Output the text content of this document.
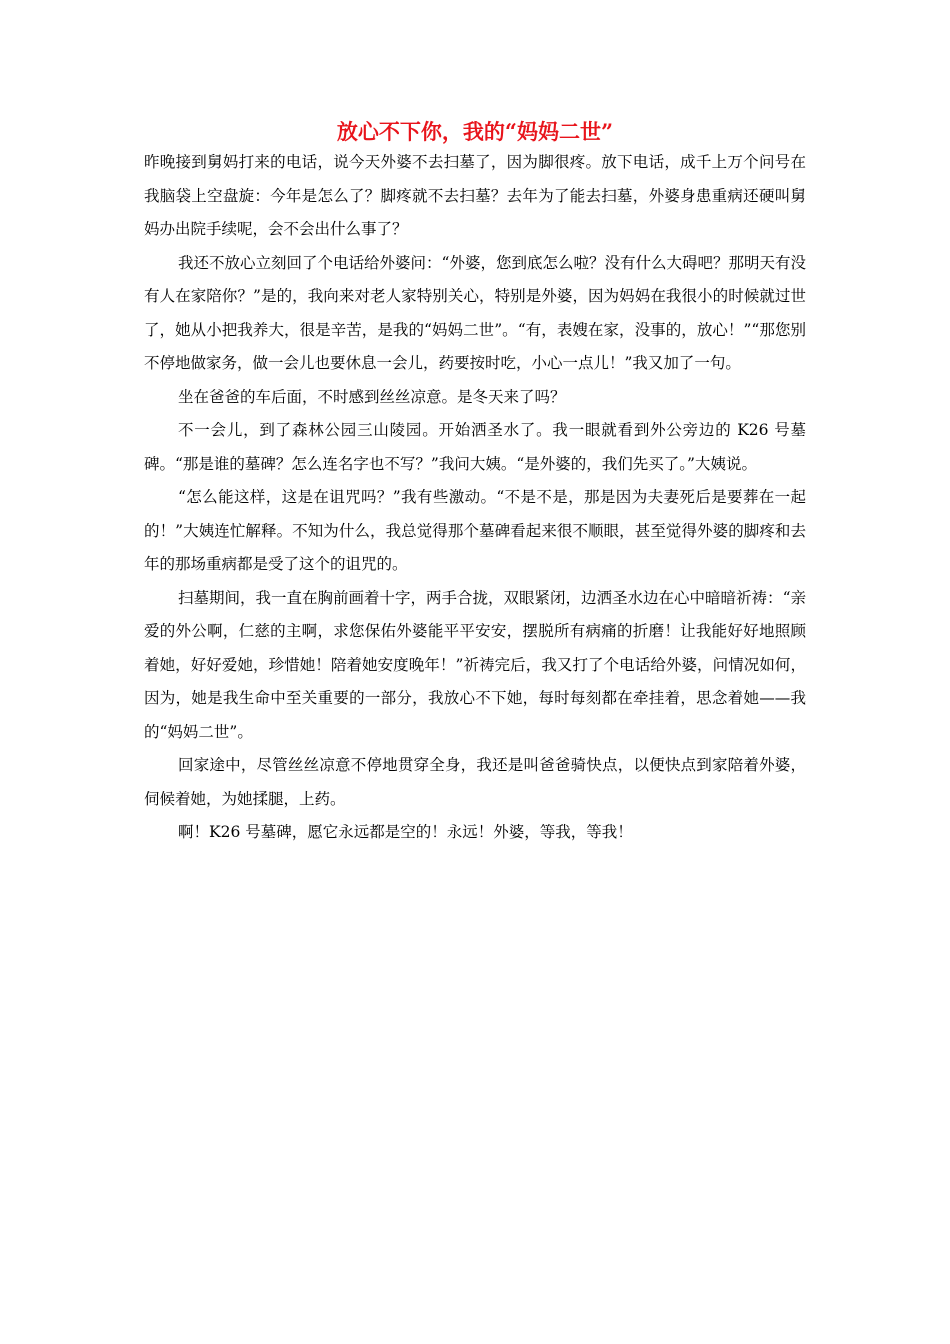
放心不下你，我的“妈妈二世”

昨晚接到舅妈打来的电话，说今天外婆不去扫墓了，因为脚很疼。放下电话，成千上万个问号在我脑袋上空盘旋：今年是怎么了？脚疼就不去扫墓？去年为了能去扫墓，外婆身患重病还硬叫舅妈办出院手续呢，会不会出什么事了？

我还不放心立刻回了个电话给外婆问：“外婆，您到底怎么啦？没有什么大碍吧？那明天有没有人在家陪你？”是的，我向来对老人家特别关心，特别是外婆，因为妈妈在我很小的时候就过世了，她从小把我养大，很是辛苦，是我的“妈妈二世”。“有，表嫂在家，没事的，放心！”“那您别不停地做家务，做一会儿也要休息一会儿，药要按时吃，小心一点儿！”我又加了一句。

坐在爸爸的车后面，不时感到丝丝凉意。是冬天来了吗？

不一会儿，到了森林公园三山陵园。开始洒圣水了。我一眼就看到外公旁边的 K26 号墓碑。“那是谁的墓碑？怎么连名字也不写？”我问大姨。“是外婆的，我们先买了。”大姨说。

“怎么能这样，这是在诅咒吗？”我有些激动。“不是不是，那是因为夫妻死后是要葬在一起的！”大姨连忙解释。不知为什么，我总觉得那个墓碑看起来很不顺眼，甚至觉得外婆的脚疼和去年的那场重病都是受了这个的诅咒的。

扫墓期间，我一直在胸前画着十字，两手合拢，双眼紧闭，边洒圣水边在心中暗暗祈祷：“亲爱的外公啊，仁慈的主啊，求您保佑外婆能平平安安，摆脱所有病痛的折磨！让我能好好地照顾着她，好好爱她，珍惜她！陪着她安度晚年！”祈祷完后，我又打了个电话给外婆，问情况如何，因为，她是我生命中至关重要的一部分，我放心不下她，每时每刻都在牵挂着，思念着她——我的“妈妈二世”。

回家途中，尽管丝丝凉意不停地贯穿全身，我还是叫爸爸骑快点，以便快点到家陪着外婆，伺候着她，为她揉腿，上药。

啊！K26 号墓碑，愿它永远都是空的！永远！外婆，等我，等我！
